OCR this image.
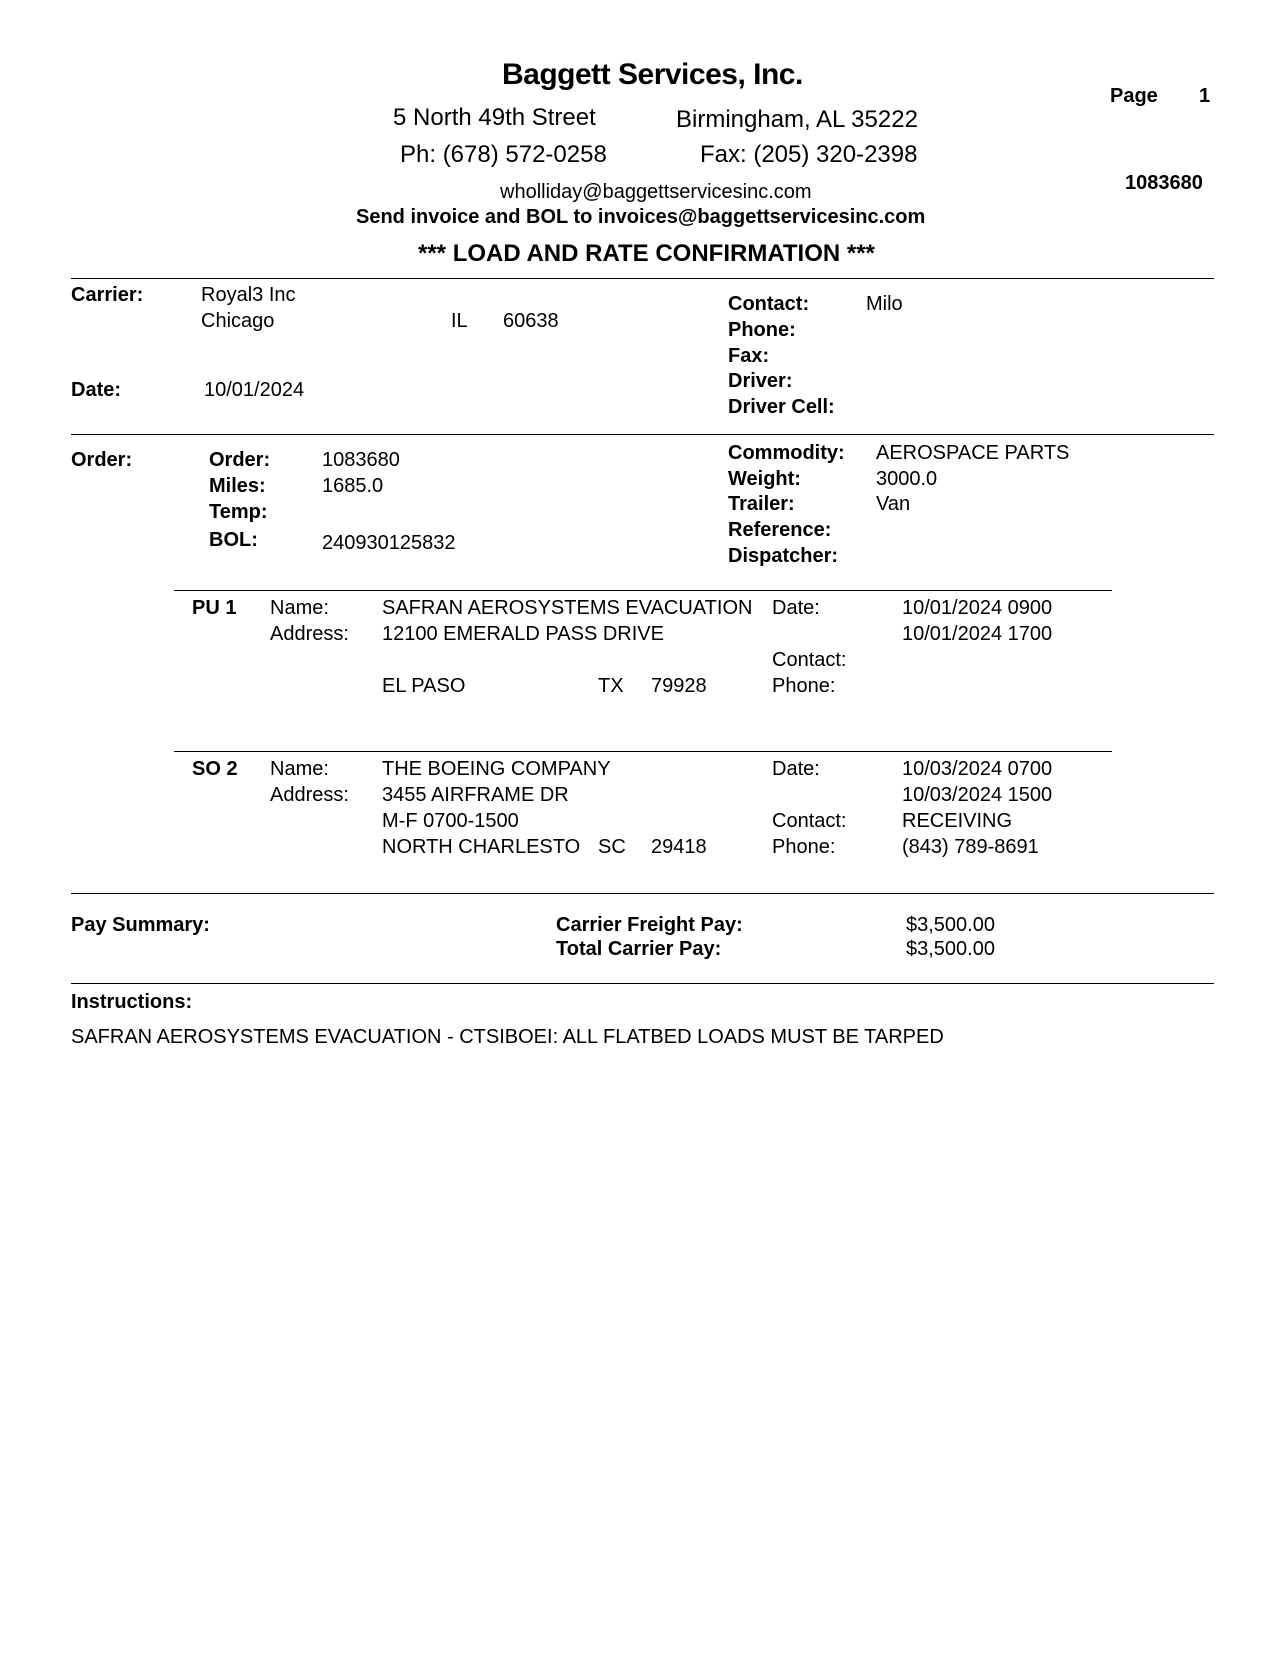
Baggett Services, Inc.
5 North 49th Street	Birmingham, AL 35222
Ph: (678) 572-0258	Fax: (205) 320-2398
wholliday@baggettservicesinc.com
Send invoice and BOL to invoices@baggettservicesinc.com
*** LOAD AND RATE CONFIRMATION ***
Page 1
1083680
Carrier:	Royal3 Inc
Chicago	IL 60638
Date:	10/01/2024
Contact:	Milo
Phone:
Fax:
Driver:
Driver Cell:
Order:	Order:	1083680
Miles:	1685.0
Temp:
BOL:	240930125832
Commodity: AEROSPACE PARTS
Weight:	3000.0
Trailer:	Van
Reference:
Dispatcher:
PU 1 Name:	SAFRAN AEROSYSTEMS EVACUATION
Address: 12100 EMERALD PASS DRIVE
EL PASO	TX 79928
Date:	10/01/2024 0900
10/01/2024 1700
Contact:
Phone:
SO 2 Name:	THE BOEING COMPANY
Address: 3455 AIRFRAME DR
M-F 0700-1500
NORTH CHARLESTO SC 29418
Date:	10/03/2024 0700
10/03/2024 1500
Contact:	RECEIVING
Phone:	(843) 789-8691
Pay Summary:	Carrier Freight Pay:	$3,500.00
Total Carrier Pay:	$3,500.00
Instructions:
SAFRAN AEROSYSTEMS EVACUATION - CTSIBOEI: ALL FLATBED LOADS MUST BE TARPED
